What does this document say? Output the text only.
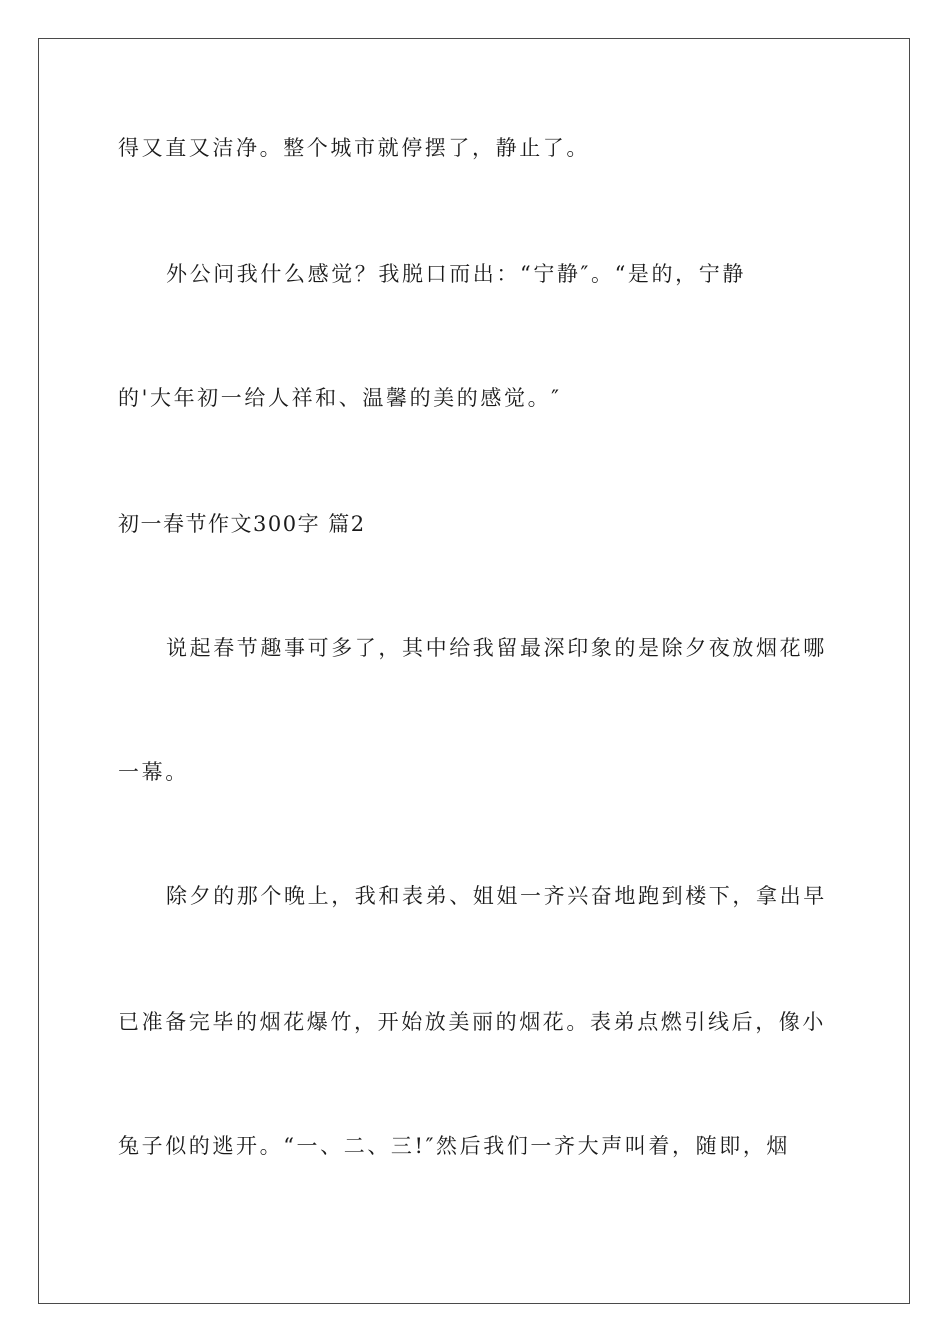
得又直又洁净。整个城市就停摆了，静止了。
外公问我什么感觉？我脱口而出：“宁静″。“是的，宁静
的'大年初一给人祥和、温馨的美的感觉。″
初一春节作文300字 篇2
说起春节趣事可多了，其中给我留最深印象的是除夕夜放烟花哪
一幕。
除夕的那个晚上，我和表弟、姐姐一齐兴奋地跑到楼下，拿出早
已准备完毕的烟花爆竹，开始放美丽的烟花。表弟点燃引线后，像小
兔子似的逃开。“一、二、三!″然后我们一齐大声叫着，随即，烟
